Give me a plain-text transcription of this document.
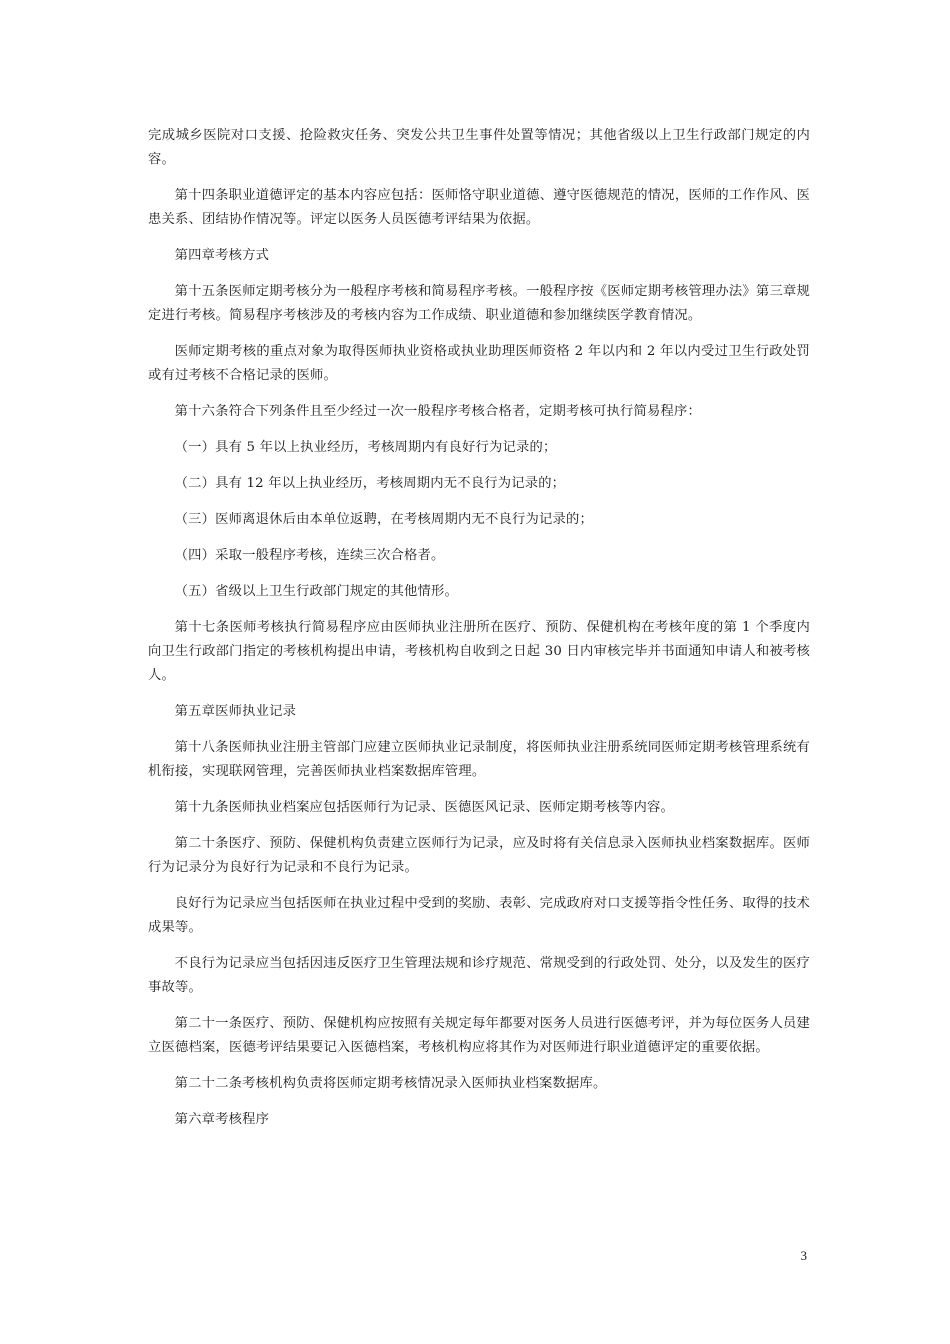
完成城乡医院对口支援、抢险救灾任务、突发公共卫生事件处置等情况；其他省级以上卫生行政部门规定的内容。

第十四条职业道德评定的基本内容应包括：医师恪守职业道德、遵守医德规范的情况，医师的工作作风、医患关系、团结协作情况等。评定以医务人员医德考评结果为依据。

第四章考核方式

第十五条医师定期考核分为一般程序考核和简易程序考核。一般程序按《医师定期考核管理办法》第三章规定进行考核。简易程序考核涉及的考核内容为工作成绩、职业道德和参加继续医学教育情况。

医师定期考核的重点对象为取得医师执业资格或执业助理医师资格 2 年以内和 2 年以内受过卫生行政处罚或有过考核不合格记录的医师。

第十六条符合下列条件且至少经过一次一般程序考核合格者，定期考核可执行简易程序：

（一）具有 5 年以上执业经历，考核周期内有良好行为记录的；

（二）具有 12 年以上执业经历，考核周期内无不良行为记录的；

（三）医师离退休后由本单位返聘，在考核周期内无不良行为记录的；

（四）采取一般程序考核，连续三次合格者。

（五）省级以上卫生行政部门规定的其他情形。

第十七条医师考核执行简易程序应由医师执业注册所在医疗、预防、保健机构在考核年度的第 1 个季度内向卫生行政部门指定的考核机构提出申请，考核机构自收到之日起 30 日内审核完毕并书面通知申请人和被考核人。

第五章医师执业记录

第十八条医师执业注册主管部门应建立医师执业记录制度，将医师执业注册系统同医师定期考核管理系统有机衔接，实现联网管理，完善医师执业档案数据库管理。

第十九条医师执业档案应包括医师行为记录、医德医风记录、医师定期考核等内容。

第二十条医疗、预防、保健机构负责建立医师行为记录，应及时将有关信息录入医师执业档案数据库。医师行为记录分为良好行为记录和不良行为记录。

良好行为记录应当包括医师在执业过程中受到的奖励、表彰、完成政府对口支援等指令性任务、取得的技术成果等。

不良行为记录应当包括因违反医疗卫生管理法规和诊疗规范、常规受到的行政处罚、处分，以及发生的医疗事故等。

第二十一条医疗、预防、保健机构应按照有关规定每年都要对医务人员进行医德考评，并为每位医务人员建立医德档案，医德考评结果要记入医德档案，考核机构应将其作为对医师进行职业道德评定的重要依据。

第二十二条考核机构负责将医师定期考核情况录入医师执业档案数据库。

第六章考核程序

3
